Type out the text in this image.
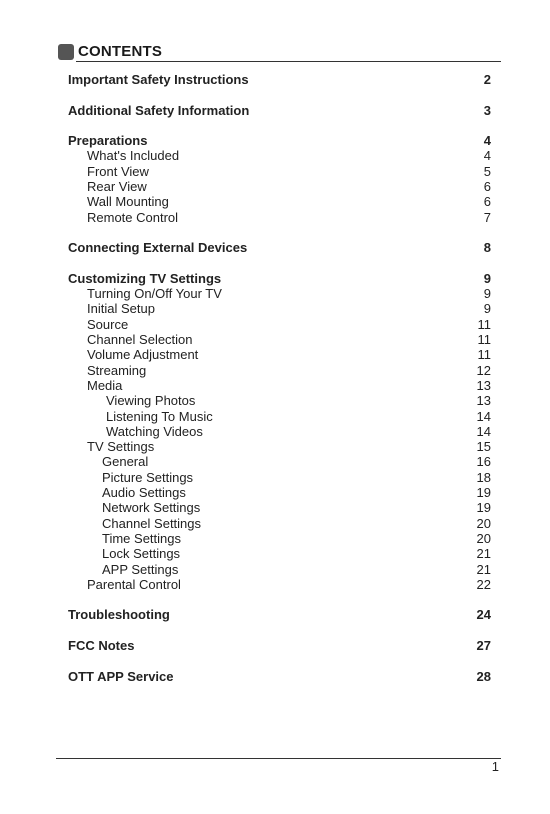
CONTENTS
Important Safety Instructions	2
Additional Safety Information	3
Preparations	4
What's Included	4
Front View	5
Rear View	6
Wall Mounting	6
Remote Control	7
Connecting External Devices	8
Customizing TV Settings	9
Turning On/Off Your TV	9
Initial Setup	9
Source	11
Channel Selection	11
Volume Adjustment	11
Streaming	12
Media	13
Viewing Photos	13
Listening To Music	14
Watching Videos	14
TV Settings	15
General	16
Picture Settings	18
Audio Settings	19
Network Settings	19
Channel Settings	20
Time Settings	20
Lock Settings	21
APP Settings	21
Parental Control	22
Troubleshooting	24
FCC Notes	27
OTT APP Service	28
1
